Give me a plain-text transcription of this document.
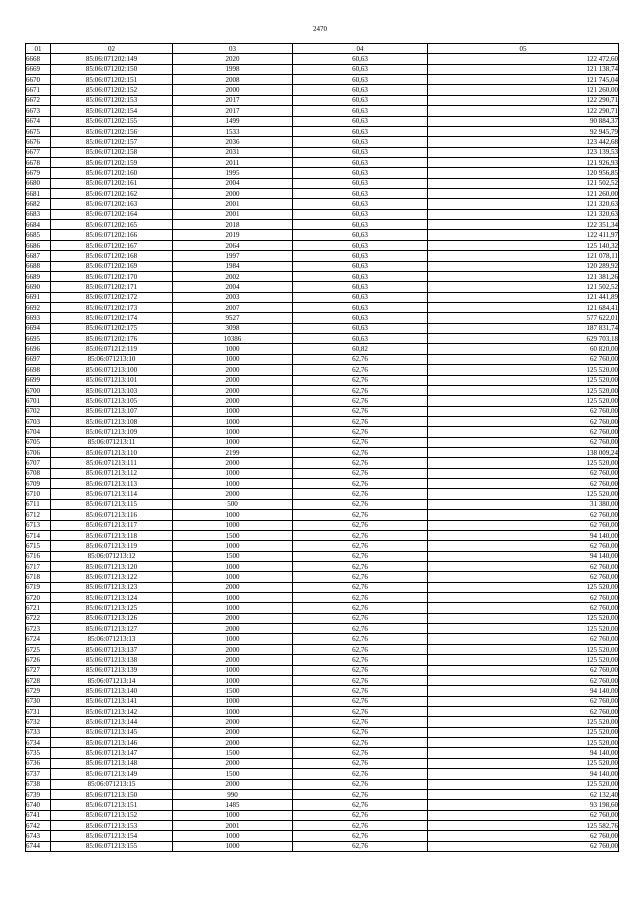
2470
01	02	03	04	05
6668	85:06:071202:149	2020	60,63	122 472,60
6669	85:06:071202:150	1998	60,63	121 138,74
6670	85:06:071202:151	2008	60,63	121 745,04
6671	85:06:071202:152	2000	60,63	121 260,00
6672	85:06:071202:153	2017	60,63	122 290,71
6673	85:06:071202:154	2017	60,63	122 290,71
6674	85:06:071202:155	1499	60,63	90 884,37
6675	85:06:071202:156	1533	60,63	92 945,79
6676	85:06:071202:157	2036	60,63	123 442,68
6677	85:06:071202:158	2031	60,63	123 139,53
6678	85:06:071202:159	2011	60,63	121 926,93
6679	85:06:071202:160	1995	60,63	120 956,85
6680	85:06:071202:161	2004	60,63	121 502,52
6681	85:06:071202:162	2000	60,63	121 260,00
6682	85:06:071202:163	2001	60,63	121 320,63
6683	85:06:071202:164	2001	60,63	121 320,63
6684	85:06:071202:165	2018	60,63	122 351,34
6685	85:06:071202:166	2019	60,63	122 411,97
6686	85:06:071202:167	2064	60,63	125 140,32
6687	85:06:071202:168	1997	60,63	121 078,11
6688	85:06:071202:169	1984	60,63	120 289,92
6689	85:06:071202:170	2002	60,63	121 381,26
6690	85:06:071202:171	2004	60,63	121 502,52
6691	85:06:071202:172	2003	60,63	121 441,89
6692	85:06:071202:173	2007	60,63	121 684,41
6693	85:06:071202:174	9527	60,63	577 622,01
6694	85:06:071202:175	3098	60,63	187 831,74
6695	85:06:071202:176	10386	60,63	629 703,18
6696	85:06:071212:119	1000	60,82	60 820,00
6697	85:06:071213:10	1000	62,76	62 760,00
6698	85:06:071213:100	2000	62,76	125 520,00
6699	85:06:071213:101	2000	62,76	125 520,00
6700	85:06:071213:103	2000	62,76	125 520,00
6701	85:06:071213:105	2000	62,76	125 520,00
6702	85:06:071213:107	1000	62,76	62 760,00
6703	85:06:071213:108	1000	62,76	62 760,00
6704	85:06:071213:109	1000	62,76	62 760,00
6705	85:06:071213:11	1000	62,76	62 760,00
6706	85:06:071213:110	2199	62,76	138 009,24
6707	85:06:071213:111	2000	62,76	125 520,00
6708	85:06:071213:112	1000	62,76	62 760,00
6709	85:06:071213:113	1000	62,76	62 760,00
6710	85:06:071213:114	2000	62,76	125 520,00
6711	85:06:071213:115	500	62,76	31 380,00
6712	85:06:071213:116	1000	62,76	62 760,00
6713	85:06:071213:117	1000	62,76	62 760,00
6714	85:06:071213:118	1500	62,76	94 140,00
6715	85:06:071213:119	1000	62,76	62 760,00
6716	85:06:071213:12	1500	62,76	94 140,00
6717	85:06:071213:120	1000	62,76	62 760,00
6718	85:06:071213:122	1000	62,76	62 760,00
6719	85:06:071213:123	2000	62,76	125 520,00
6720	85:06:071213:124	1000	62,76	62 760,00
6721	85:06:071213:125	1000	62,76	62 760,00
6722	85:06:071213:126	2000	62,76	125 520,00
6723	85:06:071213:127	2000	62,76	125 520,00
6724	85:06:071213:13	1000	62,76	62 760,00
6725	85:06:071213:137	2000	62,76	125 520,00
6726	85:06:071213:138	2000	62,76	125 520,00
6727	85:06:071213:139	1000	62,76	62 760,00
6728	85:06:071213:14	1000	62,76	62 760,00
6729	85:06:071213:140	1500	62,76	94 140,00
6730	85:06:071213:141	1000	62,76	62 760,00
6731	85:06:071213:142	1000	62,76	62 760,00
6732	85:06:071213:144	2000	62,76	125 520,00
6733	85:06:071213:145	2000	62,76	125 520,00
6734	85:06:071213:146	2000	62,76	125 520,00
6735	85:06:071213:147	1500	62,76	94 140,00
6736	85:06:071213:148	2000	62,76	125 520,00
6737	85:06:071213:149	1500	62,76	94 140,00
6738	85:06:071213:15	2000	62,76	125 520,00
6739	85:06:071213:150	990	62,76	62 132,40
6740	85:06:071213:151	1485	62,76	93 198,60
6741	85:06:071213:152	1000	62,76	62 760,00
6742	85:06:071213:153	2001	62,76	125 582,76
6743	85:06:071213:154	1000	62,76	62 760,00
6744	85:06:071213:155	1000	62,76	62 760,00
